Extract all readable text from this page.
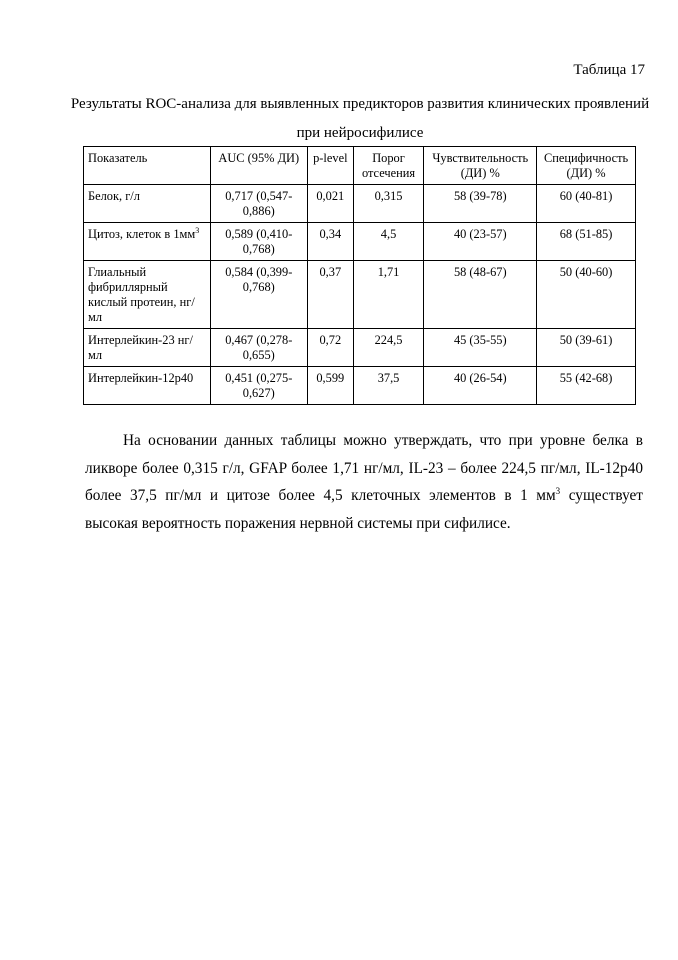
Таблица 17
Результаты ROC-анализа для выявленных предикторов развития клинических проявлений при нейросифилисе
Показатель	AUC (95% ДИ)	p-level	Порог отсечения	Чувствительность (ДИ) %	Специфичность (ДИ) %
Белок, г/л	0,717 (0,547-0,886)	0,021	0,315	58 (39-78)	60 (40-81)
Цитоз, клеток в $1мм^3$	0,589 (0,410-0,768)	0,34	4,5	40 (23-57)	68 (51-85)
Глиальный фибриллярный кислый протеин, нг/мл	0,584 (0,399-0,768)	0,37	1,71	58 (48-67)	50 (40-60)
Интерлейкин-23 нг/мл	0,467 (0,278-0,655)	0,72	224,5	45 (35-55)	50 (39-61)
Интерлейкин-12р40	0,451 (0,275-0,627)	0,599	37,5	40 (26-54)	55 (42-68)

На основании данных таблицы можно утверждать, что при уровне белка в ликворе более 0,315 г/л, GFAP более 1,71 нг/мл, IL-23 – более 224,5 пг/мл, IL-12р40 более 37,5 пг/мл и цитозе более 4,5 клеточных элементов в 1 $мм^3$ существует высокая вероятность поражения нервной системы при сифилисе.
